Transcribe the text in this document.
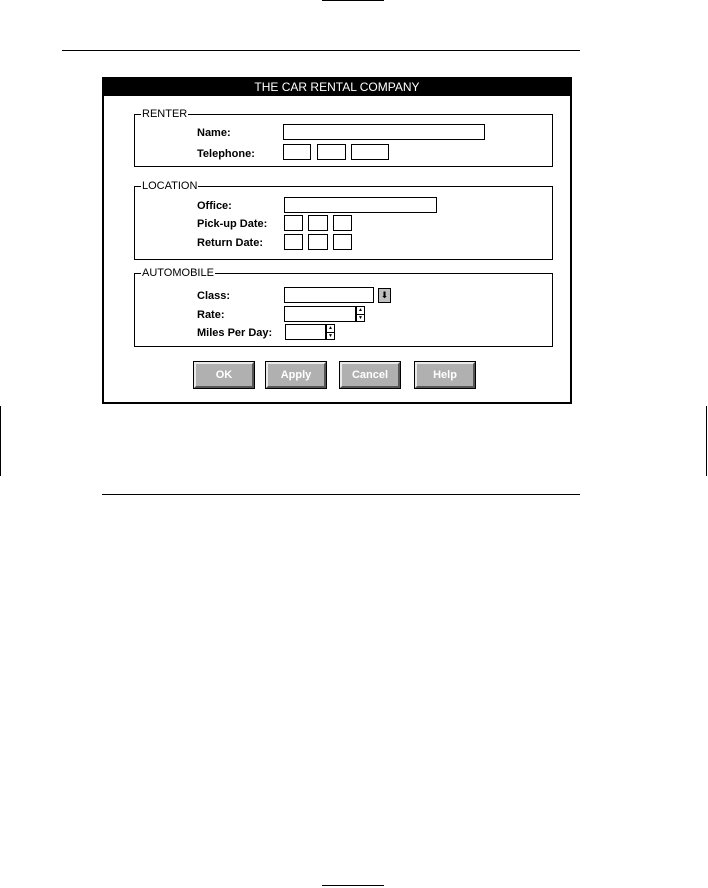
THE CAR RENTAL COMPANY
RENTER
Name:
Telephone:
LOCATION
Office:
Pick-up Date:
Return Date:
AUTOMOBILE
Class:	⬇
Rate:	▲
▼
Miles Per Day:	▲
▼
OK	Apply	Cancel	Help
